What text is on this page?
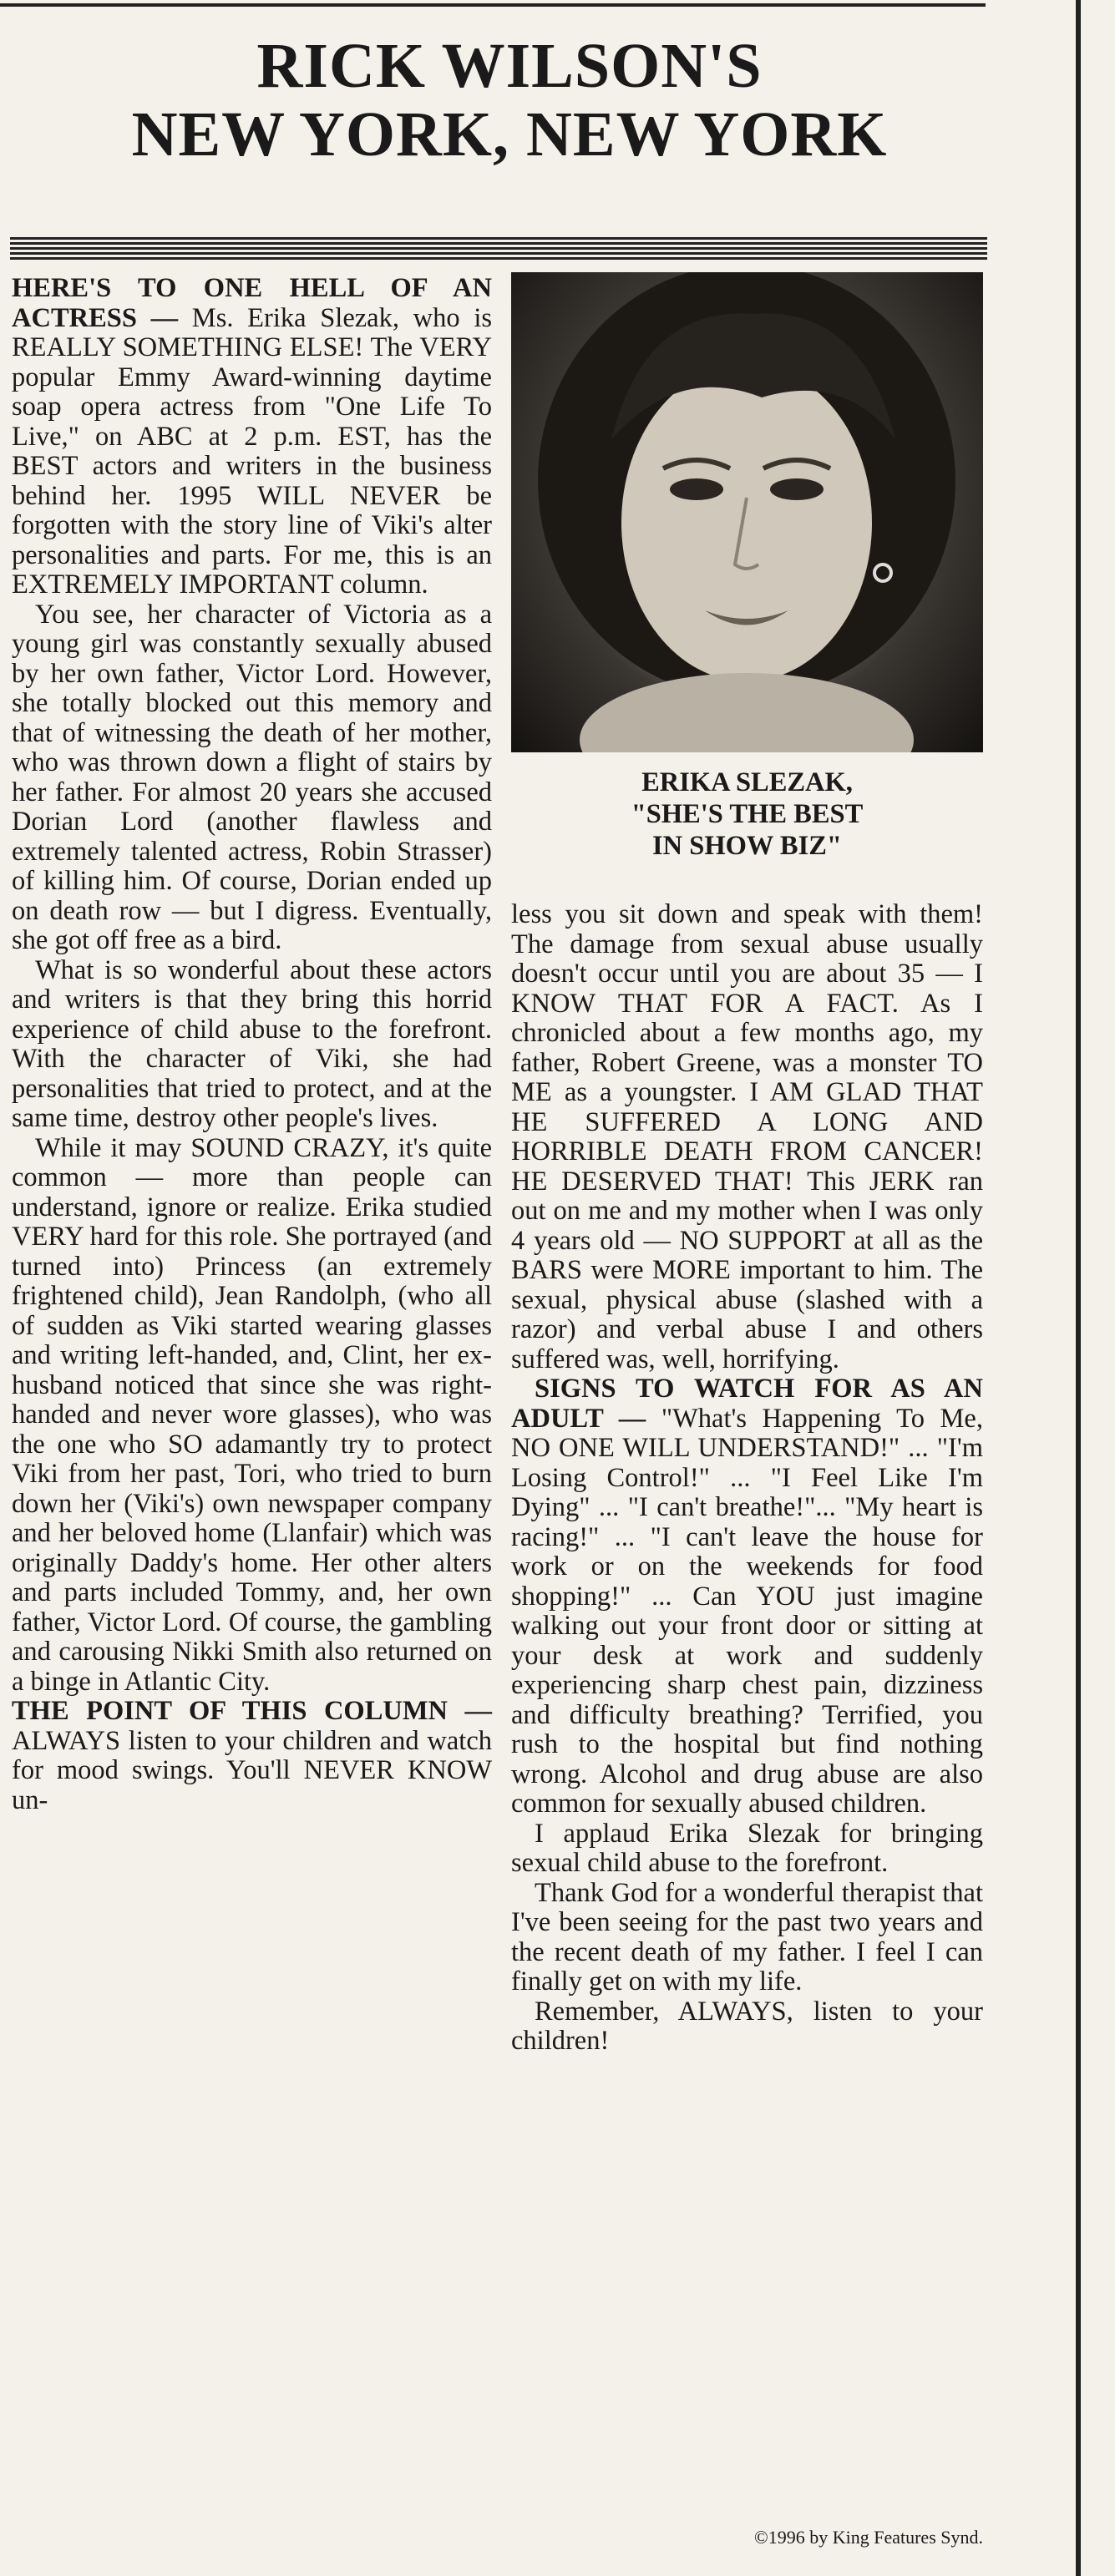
RICK WILSON'S
NEW YORK, NEW YORK

HERE'S TO ONE HELL OF AN ACTRESS — Ms. Erika Slezak, who is REALLY SOMETHING ELSE! The VERY popular Emmy Award-winning daytime soap opera actress from "One Life To Live," on ABC at 2 p.m. EST, has the BEST actors and writers in the business behind her. 1995 WILL NEVER be forgotten with the story line of Viki's alter personalities and parts. For me, this is an EXTREMELY IMPORTANT column.

You see, her character of Victoria as a young girl was constantly sexually abused by her own father, Victor Lord. However, she totally blocked out this memory and that of witnessing the death of her mother, who was thrown down a flight of stairs by her father. For almost 20 years she accused Dorian Lord (another flawless and extremely talented actress, Robin Strasser) of killing him. Of course, Dorian ended up on death row — but I digress. Eventually, she got off free as a bird.

What is so wonderful about these actors and writers is that they bring this horrid experience of child abuse to the forefront. With the character of Viki, she had personalities that tried to protect, and at the same time, destroy other people's lives.

While it may SOUND CRAZY, it's quite common — more than people can understand, ignore or realize. Erika studied VERY hard for this role. She portrayed (and turned into) Princess (an extremely frightened child), Jean Randolph, (who all of sudden as Viki started wearing glasses and writing left-handed, and, Clint, her ex-husband noticed that since she was right-handed and never wore glasses), who was the one who SO adamantly try to protect Viki from her past, Tori, who tried to burn down her (Viki's) own newspaper company and her beloved home (Llanfair) which was originally Daddy's home. Her other alters and parts included Tommy, and, her own father, Victor Lord. Of course, the gambling and carousing Nikki Smith also returned on a binge in Atlantic City.

THE POINT OF THIS COLUMN — ALWAYS listen to your children and watch for mood swings. You'll NEVER KNOW un-

ERIKA SLEZAK,
"SHE'S THE BEST
IN SHOW BIZ"

less you sit down and speak with them! The damage from sexual abuse usually doesn't occur until you are about 35 — I KNOW THAT FOR A FACT. As I chronicled about a few months ago, my father, Robert Greene, was a monster TO ME as a youngster. I AM GLAD THAT HE SUFFERED A LONG AND HORRIBLE DEATH FROM CANCER! HE DESERVED THAT! This JERK ran out on me and my mother when I was only 4 years old — NO SUPPORT at all as the BARS were MORE important to him. The sexual, physical abuse (slashed with a razor) and verbal abuse I and others suffered was, well, horrifying.

SIGNS TO WATCH FOR AS AN ADULT — "What's Happening To Me, NO ONE WILL UNDERSTAND!" ... "I'm Losing Control!" ... "I Feel Like I'm Dying" ... "I can't breathe!"... "My heart is racing!" ... "I can't leave the house for work or on the weekends for food shopping!" ... Can YOU just imagine walking out your front door or sitting at your desk at work and suddenly experiencing sharp chest pain, dizziness and difficulty breathing? Terrified, you rush to the hospital but find nothing wrong. Alcohol and drug abuse are also common for sexually abused children.

I applaud Erika Slezak for bringing sexual child abuse to the forefront.

Thank God for a wonderful therapist that I've been seeing for the past two years and the recent death of my father. I feel I can finally get on with my life.

Remember, ALWAYS, listen to your children!

©1996 by King Features Synd.
